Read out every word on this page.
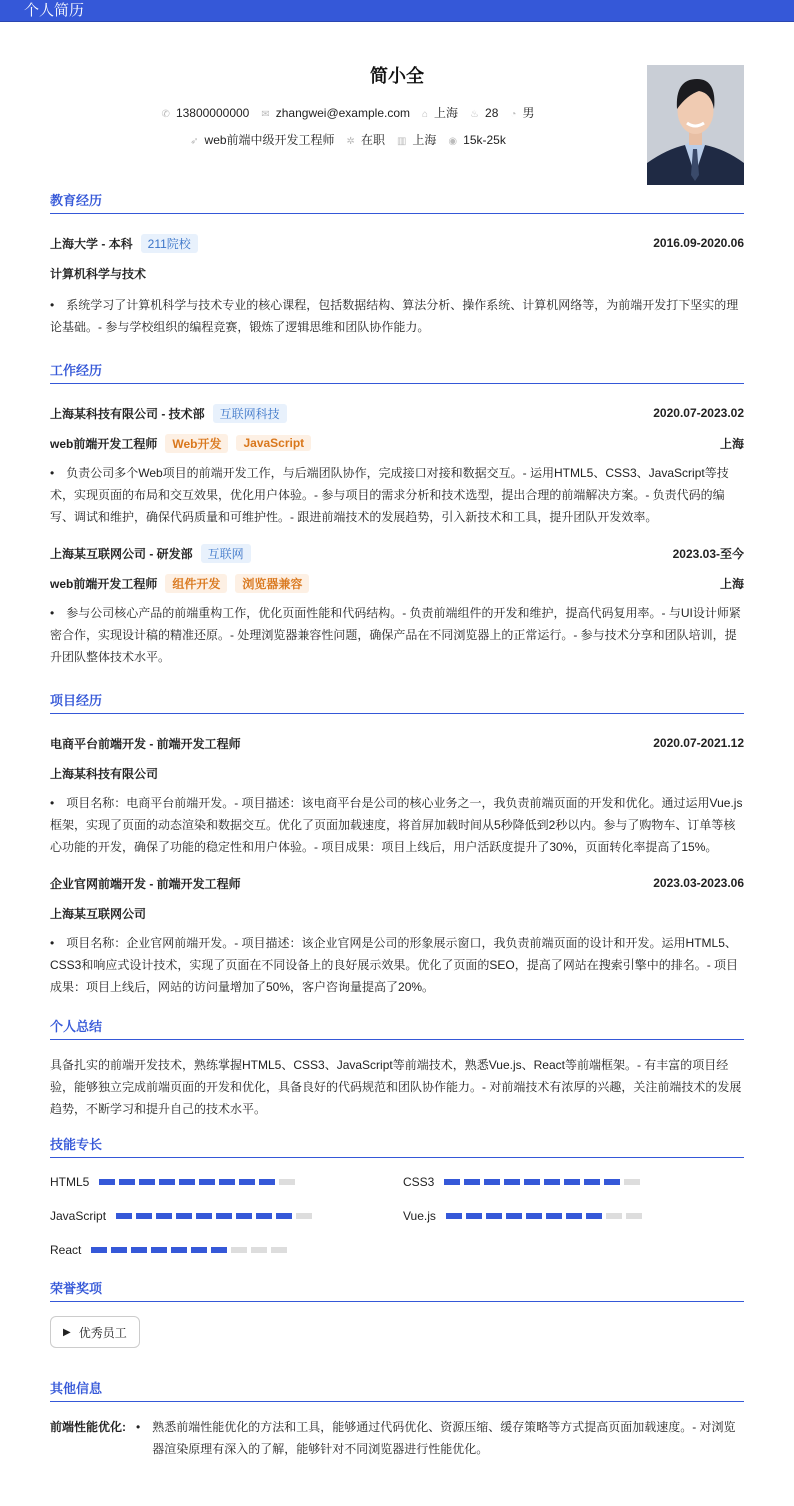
个人简历
简小全
✆ 13800000000 ✉ zhangwei@example.com ⌂ 上海 ♨ 28 ◔ 男
➶ web前端中级开发工程师 ✲ 在职 ▥ 上海 ◉ 15k-25k
教育经历
上海大学 - 本科	211院校	2016.09-2020.06
计算机科学与技术
• 系统学习了计算机科学与技术专业的核心课程，包括数据结构、算法分析、操作系统、计算机网络等，为前端开发打下坚实的理论基础。- 参与学校组织的编程竞赛，锻炼了逻辑思维和团队协作能力。
工作经历
上海某科技有限公司 - 技术部	互联网科技	2020.07-2023.02
web前端开发工程师	Web开发	JavaScript	上海
• 负责公司多个Web项目的前端开发工作，与后端团队协作，完成接口对接和数据交互。- 运用HTML5、CSS3、JavaScript等技术，实现页面的布局和交互效果，优化用户体验。- 参与项目的需求分析和技术选型，提出合理的前端解决方案。- 负责代码的编写、调试和维护，确保代码质量和可维护性。- 跟进前端技术的发展趋势，引入新技术和工具，提升团队开发效率。
上海某互联网公司 - 研发部	互联网	2023.03-至今
web前端开发工程师	组件开发	浏览器兼容	上海
• 参与公司核心产品的前端重构工作，优化页面性能和代码结构。- 负责前端组件的开发和维护，提高代码复用率。- 与UI设计师紧密合作，实现设计稿的精准还原。- 处理浏览器兼容性问题，确保产品在不同浏览器上的正常运行。- 参与技术分享和团队培训，提升团队整体技术水平。
项目经历
电商平台前端开发 - 前端开发工程师	2020.07-2021.12
上海某科技有限公司
• 项目名称：电商平台前端开发。- 项目描述：该电商平台是公司的核心业务之一，我负责前端页面的开发和优化。通过运用Vue.js框架，实现了页面的动态渲染和数据交互。优化了页面加载速度，将首屏加载时间从5秒降低到2秒以内。参与了购物车、订单等核心功能的开发，确保了功能的稳定性和用户体验。- 项目成果：项目上线后，用户活跃度提升了30%，页面转化率提高了15%。
企业官网前端开发 - 前端开发工程师	2023.03-2023.06
上海某互联网公司
• 项目名称：企业官网前端开发。- 项目描述：该企业官网是公司的形象展示窗口，我负责前端页面的设计和开发。运用HTML5、CSS3和响应式设计技术，实现了页面在不同设备上的良好展示效果。优化了页面的SEO，提高了网站在搜索引擎中的排名。- 项目成果：项目上线后，网站的访问量增加了50%，客户咨询量提高了20%。
个人总结
具备扎实的前端开发技术，熟练掌握HTML5、CSS3、JavaScript等前端技术，熟悉Vue.js、React等前端框架。- 有丰富的项目经验，能够独立完成前端页面的开发和优化，具备良好的代码规范和团队协作能力。- 对前端技术有浓厚的兴趣，关注前端技术的发展趋势，不断学习和提升自己的技术水平。
技能专长
HTML5	CSS3
JavaScript	Vue.js
React
荣誉奖项
▶ 优秀员工
其他信息
前端性能优化: • 熟悉前端性能优化的方法和工具，能够通过代码优化、资源压缩、缓存策略等方式提高页面加载速度。- 对浏览器渲染原理有深入的了解，能够针对不同浏览器进行性能优化。
